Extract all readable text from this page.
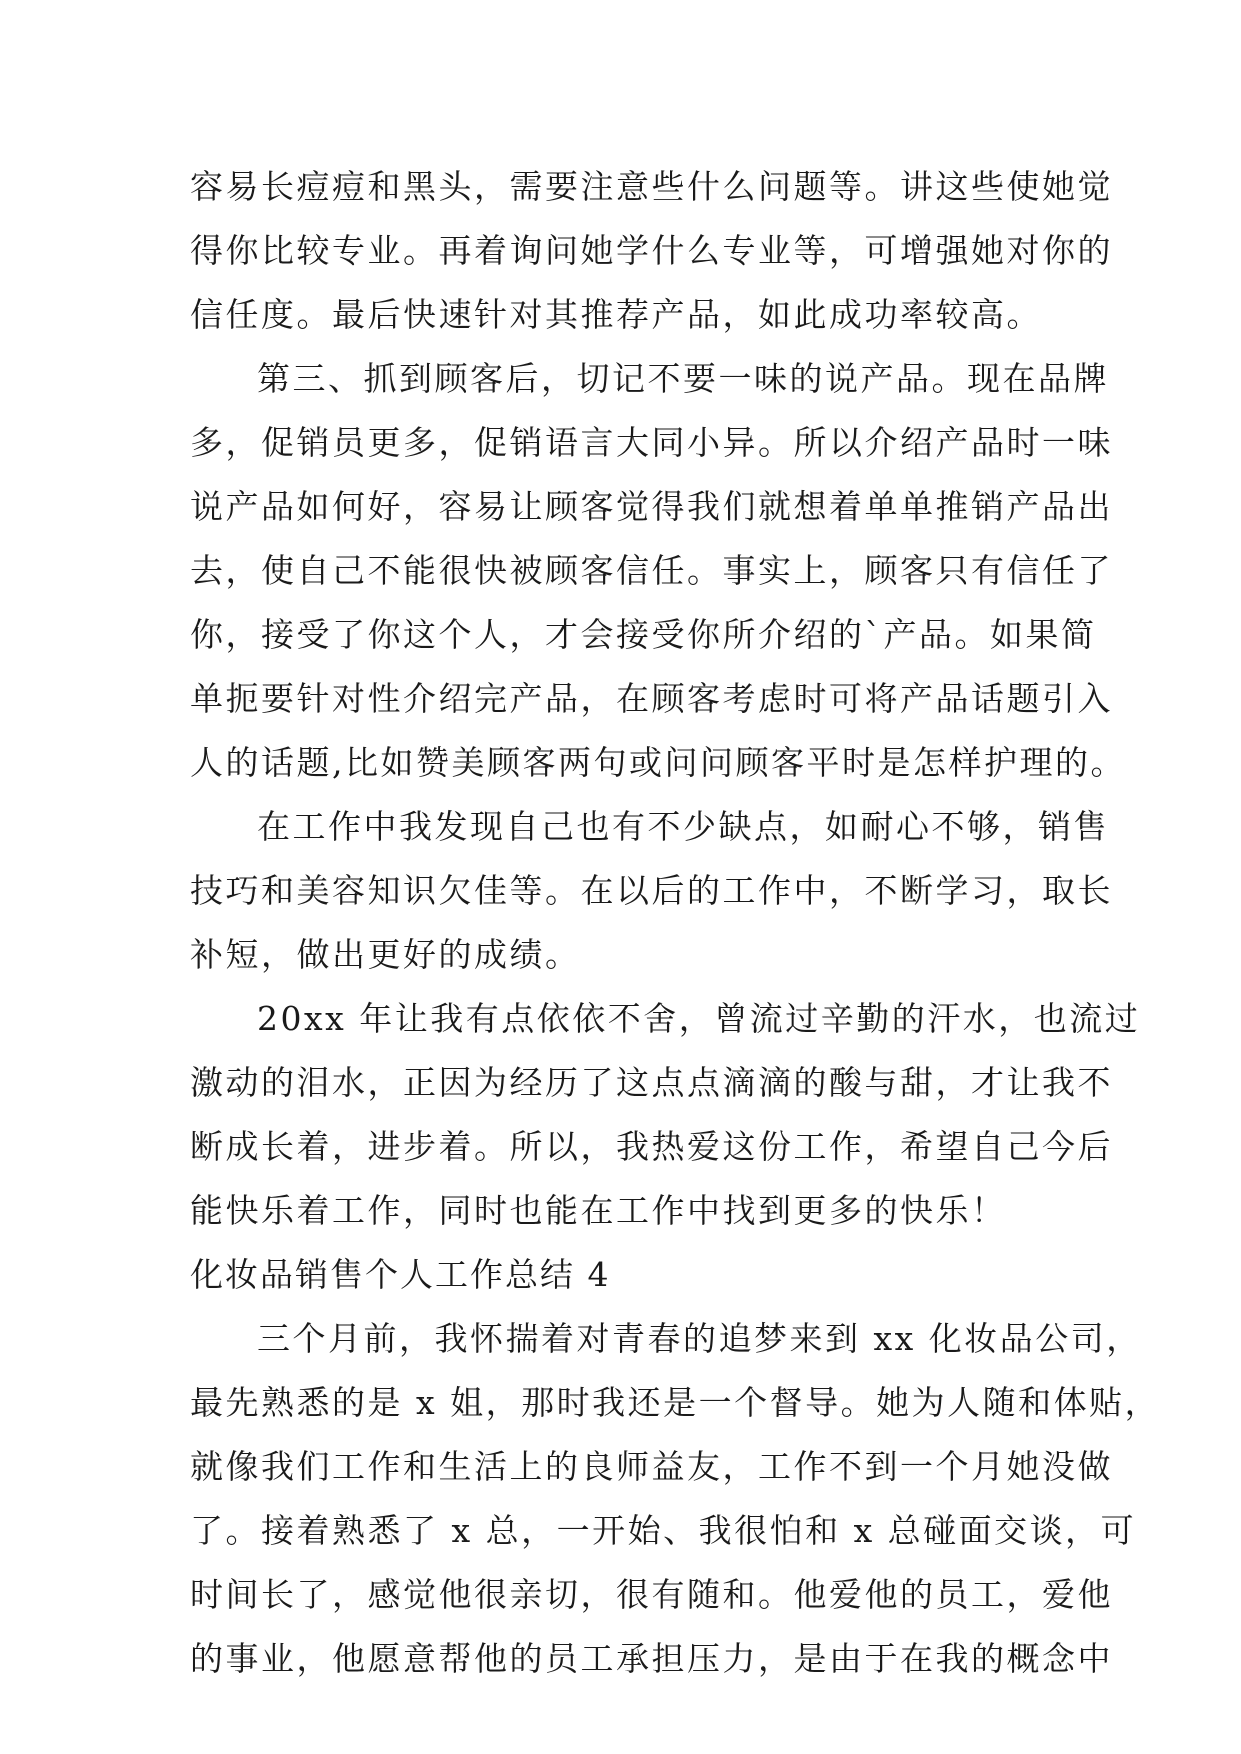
容易长痘痘和黑头，需要注意些什么问题等。讲这些使她觉

得你比较专业。再着询问她学什么专业等，可增强她对你的

信任度。最后快速针对其推荐产品，如此成功率较高。

第三、抓到顾客后，切记不要一味的说产品。现在品牌

多，促销员更多，促销语言大同小异。所以介绍产品时一味

说产品如何好，容易让顾客觉得我们就想着单单推销产品出

去，使自己不能很快被顾客信任。事实上，顾客只有信任了

你，接受了你这个人，才会接受你所介绍的`产品。如果简

单扼要针对性介绍完产品，在顾客考虑时可将产品话题引入

人的话题,比如赞美顾客两句或问问顾客平时是怎样护理的。

在工作中我发现自己也有不少缺点，如耐心不够，销售

技巧和美容知识欠佳等。在以后的工作中，不断学习，取长

补短，做出更好的成绩。

20xx 年让我有点依依不舍，曾流过辛勤的汗水，也流过

激动的泪水，正因为经历了这点点滴滴的酸与甜，才让我不

断成长着，进步着。所以，我热爱这份工作，希望自己今后

能快乐着工作，同时也能在工作中找到更多的快乐！

化妆品销售个人工作总结 4

三个月前，我怀揣着对青春的追梦来到 xx 化妆品公司，

最先熟悉的是 x 姐，那时我还是一个督导。她为人随和体贴，

就像我们工作和生活上的良师益友，工作不到一个月她没做

了。接着熟悉了 x 总，一开始、我很怕和 x 总碰面交谈，可

时间长了，感觉他很亲切，很有随和。他爱他的员工，爱他

的事业，他愿意帮他的员工承担压力，是由于在我的概念中
